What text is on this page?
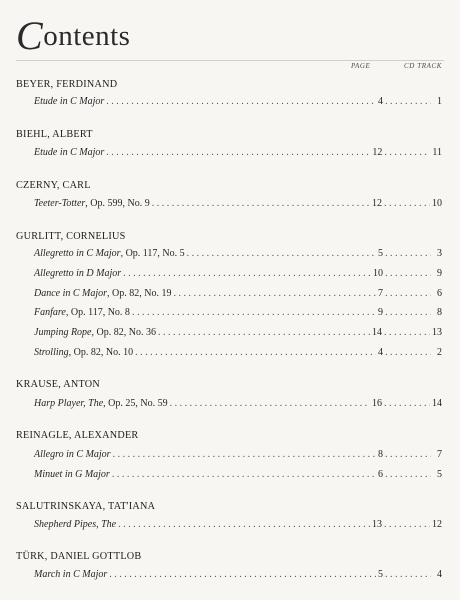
Contents
PAGE	CD TRACK
BEYER, FERDINAND
Etude in C Major . . .	4 . . .	1
BIEHL, ALBERT
Etude in C Major . . .	12 . . .	11
CZERNY, CARL
Teeter-Totter, Op. 599, No. 9 . . .	12 . . .	10
GURLITT, CORNELIUS
Allegretto in C Major, Op. 117, No. 5 . . .	5 . . .	3
Allegretto in D Major . . .	10 . . .	9
Dance in C Major, Op. 82, No. 19 . . .	7 . . .	6
Fanfare, Op. 117, No. 8 . . .	9 . . .	8
Jumping Rope, Op. 82, No. 36 . . .	14 . . .	13
Strolling, Op. 82, No. 10 . . .	4 . . .	2
KRAUSE, ANTON
Harp Player, The, Op. 25, No. 59 . . .	16 . . .	14
REINAGLE, ALEXANDER
Allegro in C Major . . .	8 . . .	7
Minuet in G Major . . .	6 . . .	5
SALUTRINSKAYA, TAT'IANA
Shepherd Pipes, The . . .	13 . . .	12
TÜRK, DANIEL GOTTLOB
March in C Major . . .	5 . . .	4
